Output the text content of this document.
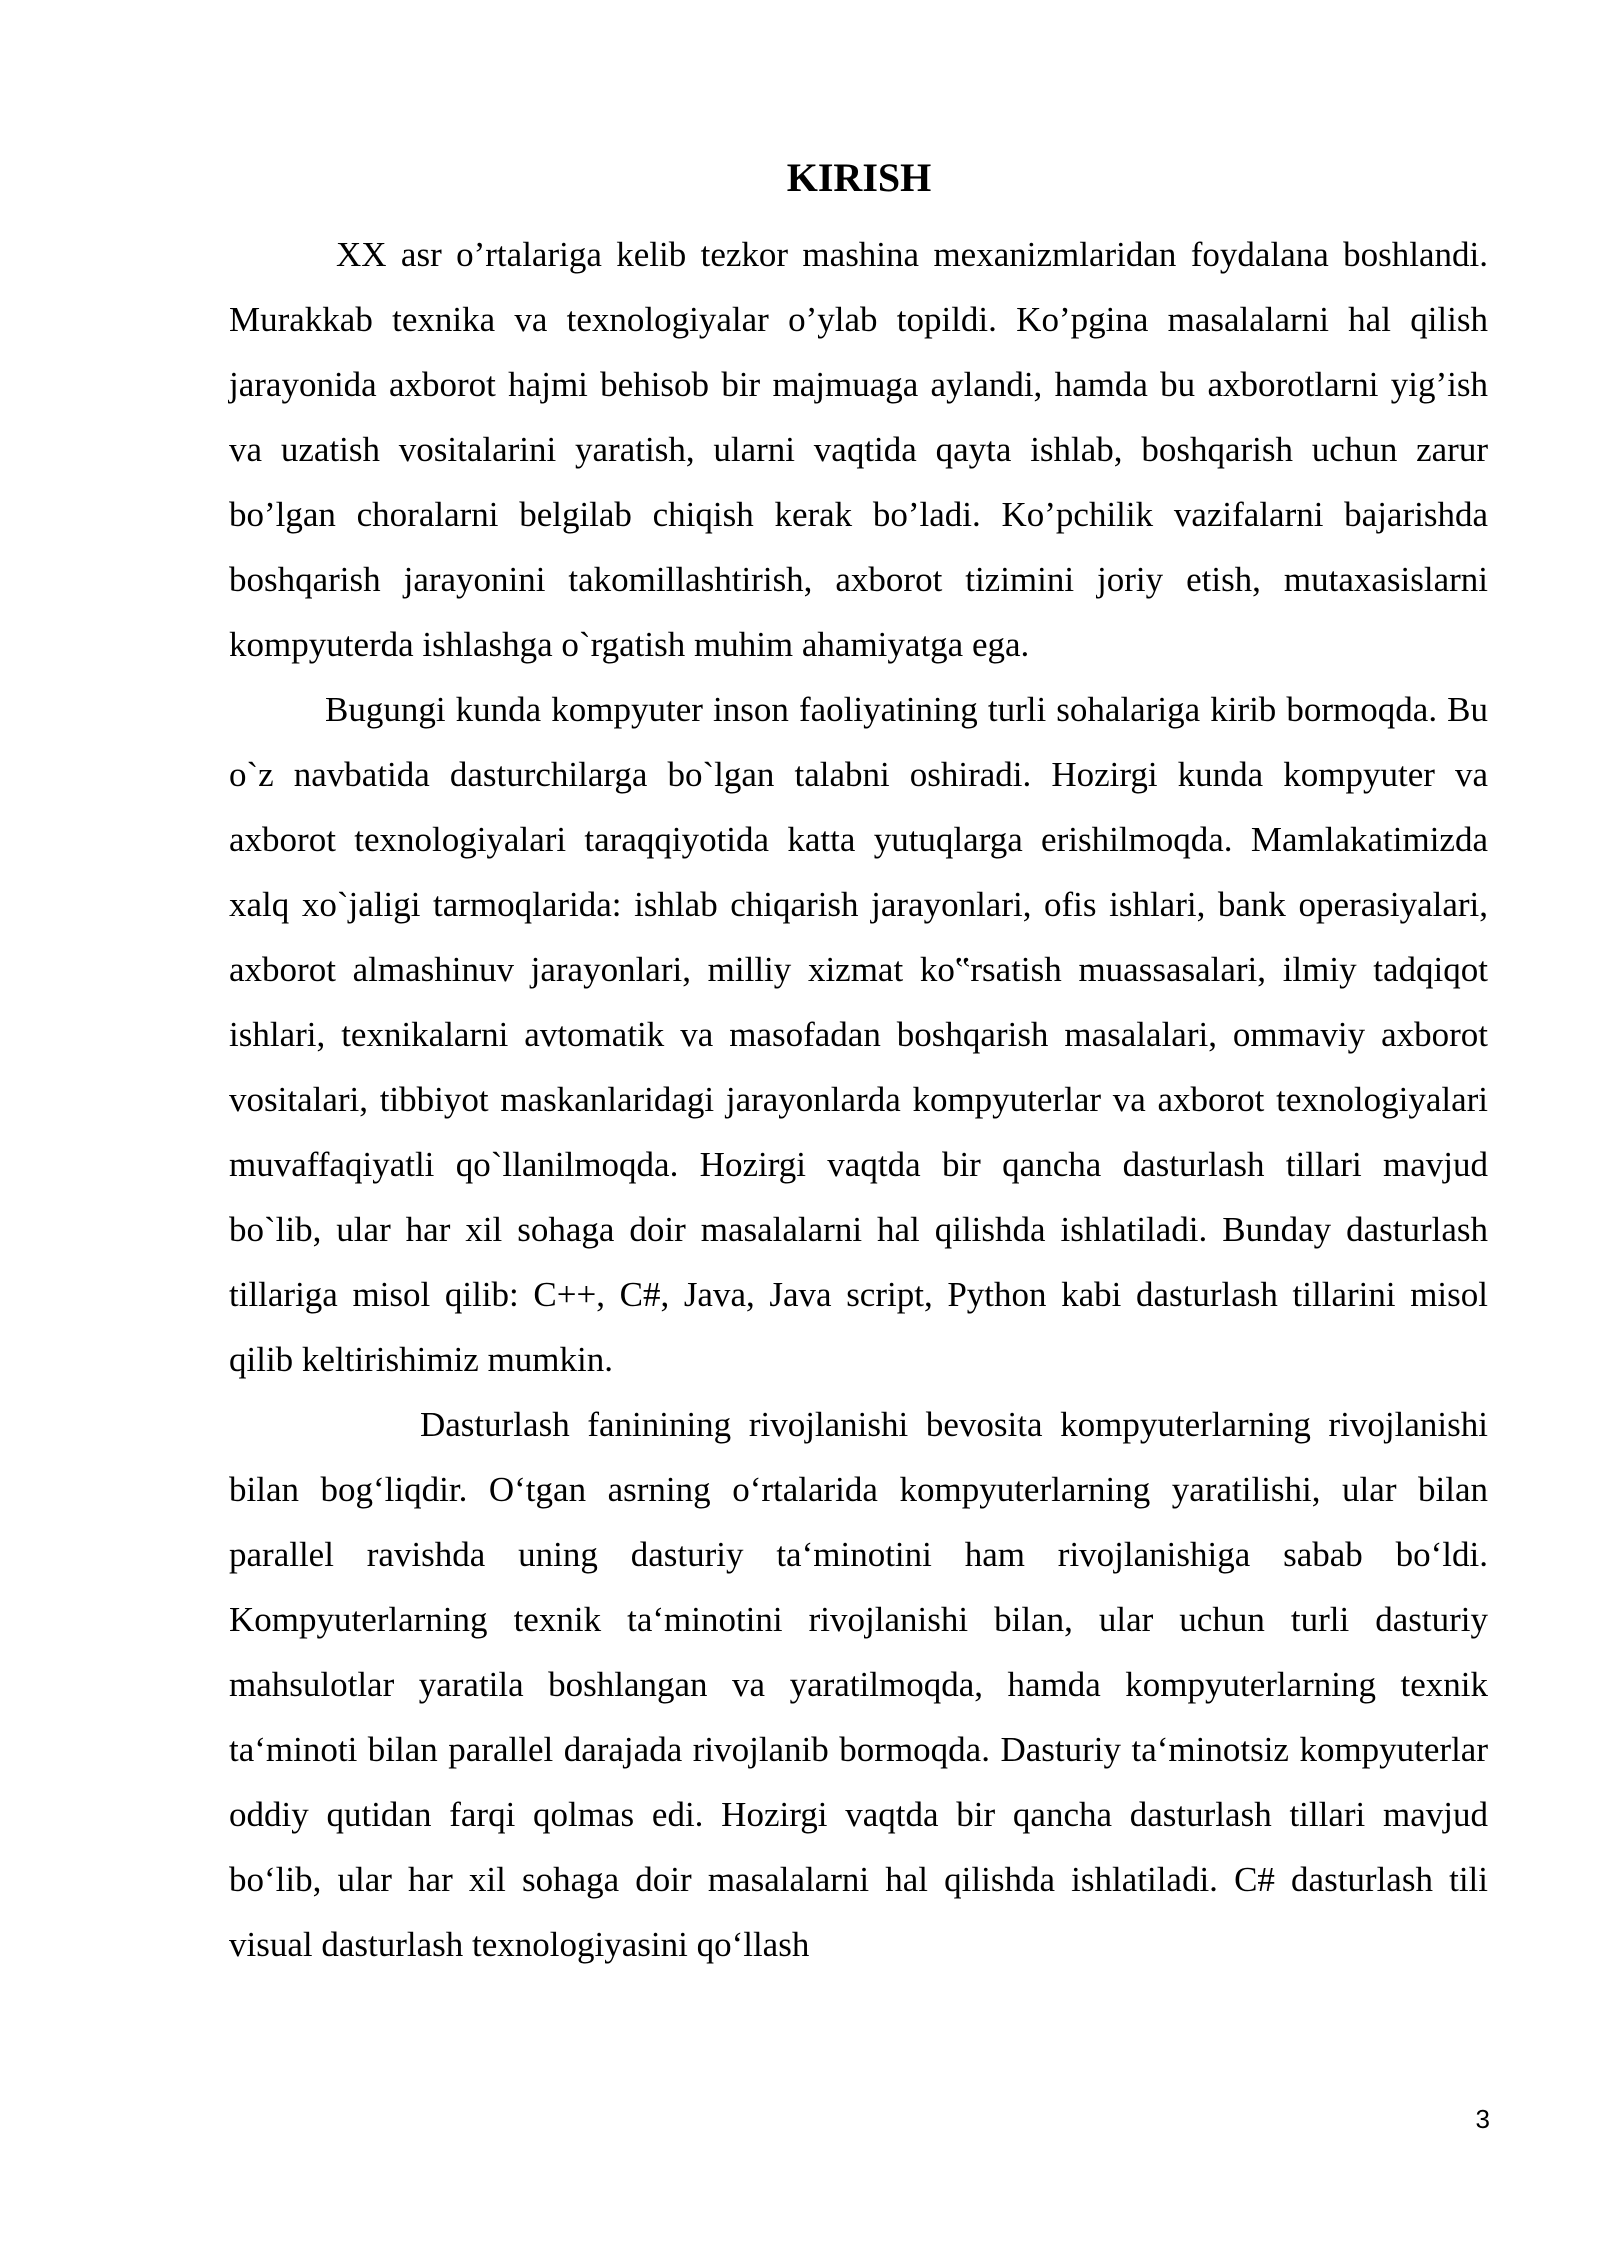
KIRISH

XX asr o’rtalariga kelib tezkor mashina mexanizmlaridan foydalana boshlandi. Murakkab texnika va texnologiyalar o’ylab topildi. Ko’pgina masalalarni hal qilish jarayonida axborot hajmi behisob bir majmuaga aylandi, hamda bu axborotlarni yig’ish va uzatish vositalarini yaratish, ularni vaqtida qayta ishlab, boshqarish uchun zarur bo’lgan choralarni belgilab chiqish kerak bo’ladi. Ko’pchilik vazifalarni bajarishda boshqarish jarayonini takomillashtirish, axborot tizimini joriy etish, mutaxasislarni kompyuterda ishlashga o`rgatish muhim ahamiyatga ega.

Bugungi kunda kompyuter inson faoliyatining turli sohalariga kirib bormoqda. Bu o`z navbatida dasturchilarga bo`lgan talabni oshiradi. Hozirgi kunda kompyuter va axborot texnologiyalari taraqqiyotida katta yutuqlarga erishilmoqda. Mamlakatimizda xalq xo`jaligi tarmoqlarida: ishlab chiqarish jarayonlari, ofis ishlari, bank operasiyalari, axborot almashinuv jarayonlari, milliy xizmat ko‟rsatish muassasalari, ilmiy tadqiqot ishlari, texnikalarni avtomatik va masofadan boshqarish masalalari, ommaviy axborot vositalari, tibbiyot maskanlaridagi jarayonlarda kompyuterlar va axborot texnologiyalari muvaffaqiyatli qo`llanilmoqda. Hozirgi vaqtda bir qancha dasturlash tillari mavjud bo`lib, ular har xil sohaga doir masalalarni hal qilishda ishlatiladi. Bunday dasturlash tillariga misol qilib: C++, C#, Java, Java script, Python kabi dasturlash tillarini misol qilib keltirishimiz mumkin.

Dasturlash faninining rivojlanishi bevosita kompyuterlarning rivojlanishi bilan bog‘liqdir. O‘tgan asrning o‘rtalarida kompyuterlarning yaratilishi, ular bilan parallel ravishda uning dasturiy ta‘minotini ham rivojlanishiga sabab bo‘ldi. Kompyuterlarning texnik ta‘minotini rivojlanishi bilan, ular uchun turli dasturiy mahsulotlar yaratila boshlangan va yaratilmoqda, hamda kompyuterlarning texnik ta‘minoti bilan parallel darajada rivojlanib bormoqda. Dasturiy ta‘minotsiz kompyuterlar oddiy qutidan farqi qolmas edi. Hozirgi vaqtda bir qancha dasturlash tillari mavjud bo‘lib, ular har xil sohaga doir masalalarni hal qilishda ishlatiladi. C# dasturlash tili visual dasturlash texnologiyasini qo‘llash

3
